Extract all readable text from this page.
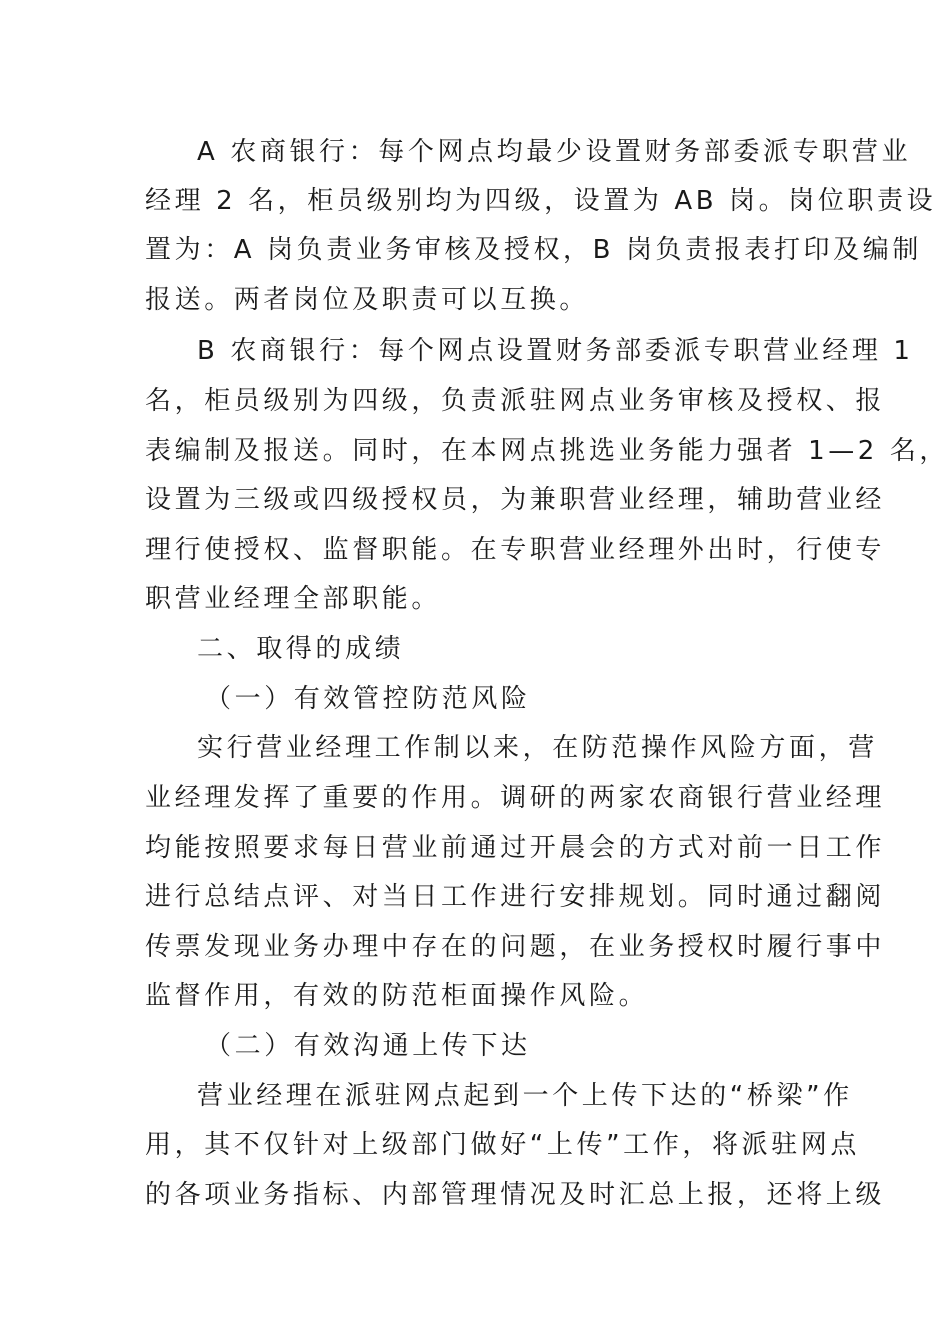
A 农商银行：每个网点均最少设置财务部委派专职营业
经理 2 名，柜员级别均为四级，设置为 AB 岗。岗位职责设
置为：A 岗负责业务审核及授权，B 岗负责报表打印及编制
报送。两者岗位及职责可以互换。
B 农商银行：每个网点设置财务部委派专职营业经理 1
名，柜员级别为四级，负责派驻网点业务审核及授权、报
表编制及报送。同时，在本网点挑选业务能力强者 1—2 名，
设置为三级或四级授权员，为兼职营业经理，辅助营业经
理行使授权、监督职能。在专职营业经理外出时，行使专
职营业经理全部职能。
二、取得的成绩
（一）有效管控防范风险
实行营业经理工作制以来，在防范操作风险方面，营
业经理发挥了重要的作用。调研的两家农商银行营业经理
均能按照要求每日营业前通过开晨会的方式对前一日工作
进行总结点评、对当日工作进行安排规划。同时通过翻阅
传票发现业务办理中存在的问题，在业务授权时履行事中
监督作用，有效的防范柜面操作风险。
（二）有效沟通上传下达
营业经理在派驻网点起到一个上传下达的“桥梁”作
用，其不仅针对上级部门做好“上传”工作，将派驻网点
的各项业务指标、内部管理情况及时汇总上报，还将上级
